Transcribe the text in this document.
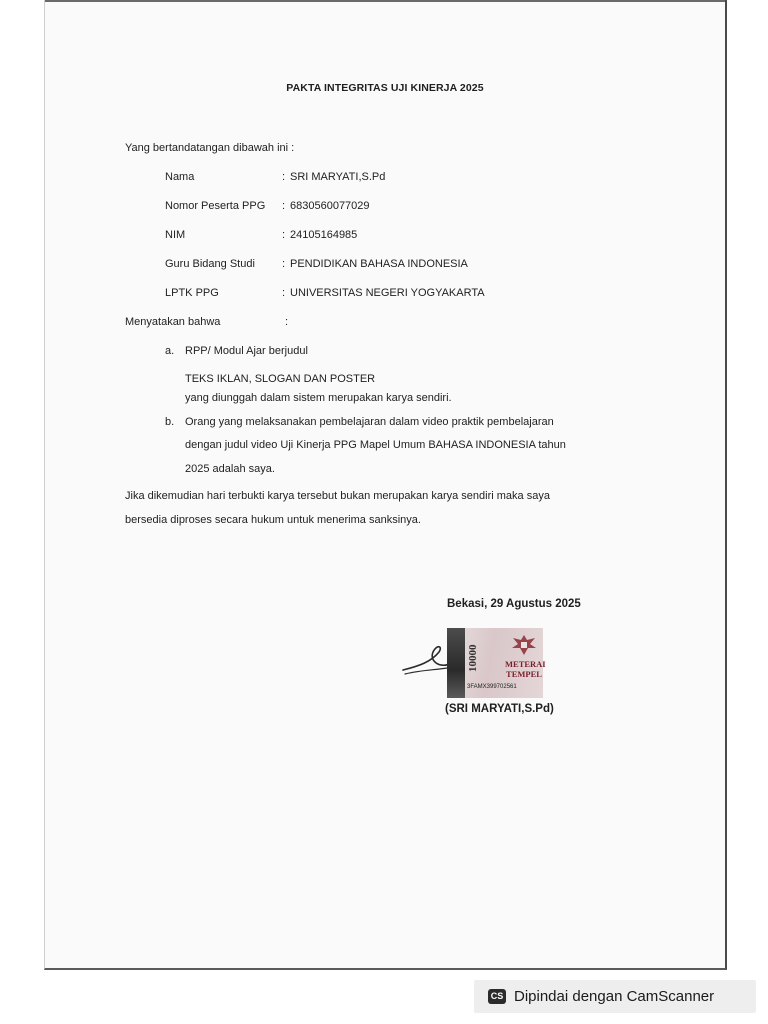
PAKTA INTEGRITAS UJI KINERJA 2025
Yang bertandatangan dibawah ini :
Nama	: SRI MARYATI,S.Pd
Nomor Peserta PPG : 6830560077029
NIM	: 24105164985
Guru Bidang Studi : PENDIDIKAN BAHASA INDONESIA
LPTK PPG	: UNIVERSITAS NEGERI YOGYAKARTA
Menyatakan bahwa	:
a. RPP/ Modul Ajar berjudul
TEKS IKLAN, SLOGAN DAN POSTER
yang diunggah dalam sistem merupakan karya sendiri.
b. Orang yang melaksanakan pembelajaran dalam video praktik pembelajaran
dengan judul video Uji Kinerja PPG Mapel Umum BAHASA INDONESIA tahun
2025 adalah saya.
Jika dikemudian hari terbukti karya tersebut bukan merupakan karya sendiri maka saya
bersedia diproses secara hukum untuk menerima sanksinya.
Bekasi, 29 Agustus 2025
10000	METERAI
TEMPEL
3FAMX399702561
(SRI MARYATI,S.Pd)
CS Dipindai dengan CamScanner
